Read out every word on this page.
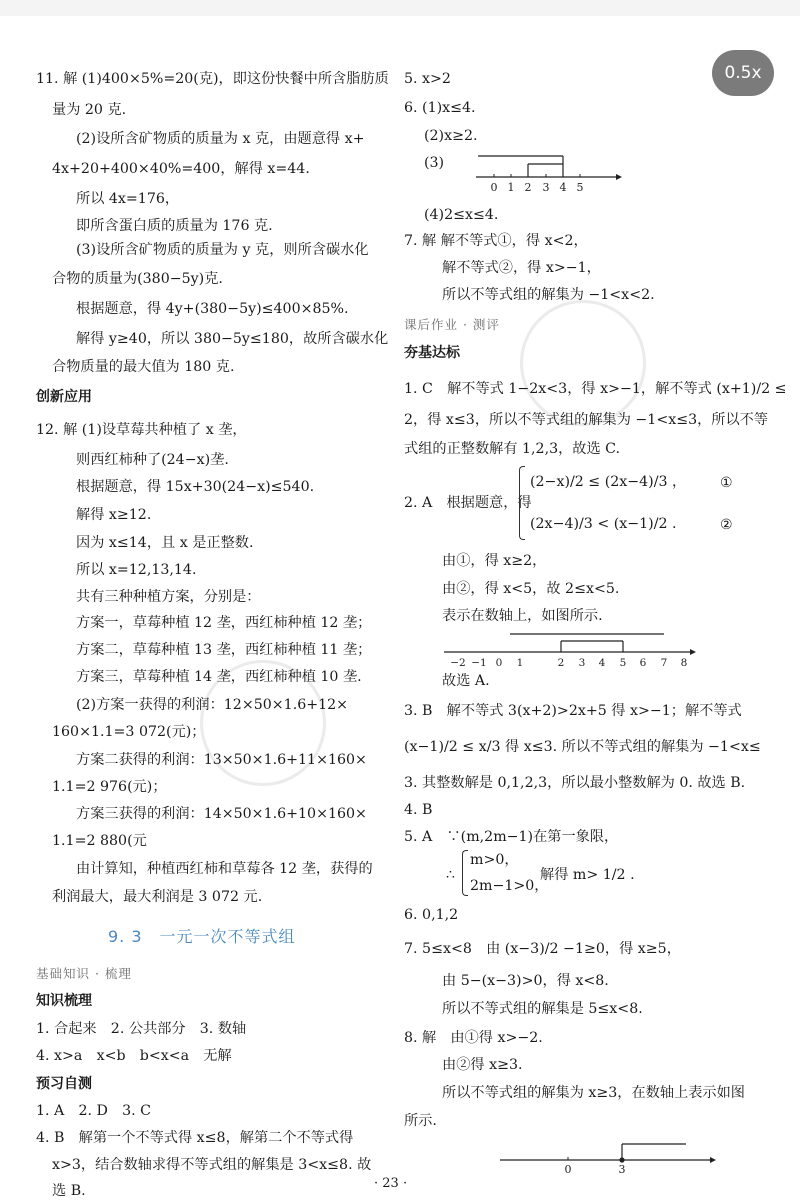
0.5x
11. 解 (1)400×5%=20(克)，即这份快餐中所含脂肪质
量为 20 克.
(2)设所含矿物质的质量为 x 克，由题意得 x+
4x+20+400×40%=400，解得 x=44.
所以 4x=176，
即所含蛋白质的质量为 176 克.
(3)设所含矿物质的质量为 y 克，则所含碳水化
合物的质量为(380−5y)克.
根据题意，得 4y+(380−5y)≤400×85%.
解得 y≥40，所以 380−5y≤180，故所含碳水化
合物质量的最大值为 180 克.
创新应用
12. 解 (1)设草莓共种植了 x 垄，
则西红柿种了(24−x)垄.
根据题意，得 15x+30(24−x)≤540.
解得 x≥12.
因为 x≤14，且 x 是正整数.
所以 x=12,13,14.
共有三种种植方案，分别是：
方案一，草莓种植 12 垄，西红柿种植 12 垄；
方案二，草莓种植 13 垄，西红柿种植 11 垄；
方案三，草莓种植 14 垄，西红柿种植 10 垄.
(2)方案一获得的利润：12×50×1.6+12×
160×1.1=3 072(元)；
方案二获得的利润：13×50×1.6+11×160×
1.1=2 976(元)；
方案三获得的利润：14×50×1.6+10×160×
1.1=2 880(元
由计算知，种植西红柿和草莓各 12 垄，获得的
利润最大，最大利润是 3 072 元.
9. 3　一元一次不等式组
基础知识 · 梳理
知识梳理
1. 合起来　2. 公共部分　3. 数轴
4. x>a　x<b　b<x<a　无解
预习自测
1. A　2. D　3. C
4. B　解第一个不等式得 x≤8，解第二个不等式得
x>3，结合数轴求得不等式组的解集是 3<x≤8. 故
选 B.
5. x>2
6. (1)x≤4.
(2)x≥2.
(3)
0 1 2 3 4 5
(4)2≤x≤4.
7. 解 解不等式①，得 x<2，
解不等式②，得 x>−1，
所以不等式组的解集为 −1<x<2.
课后作业 · 测评
夯基达标
1. C　解不等式 1−2x<3，得 x>−1，解不等式 (x+1)/2 ≤
2，得 x≤3，所以不等式组的解集为 −1<x≤3，所以不等
式组的正整数解有 1,2,3，故选 C.
2. A　根据题意，得
(2−x)/2 ≤ (2x−4)/3 ，
(2x−4)/3 < (x−1)/2 .
①
②
由①，得 x≥2，
由②，得 x<5，故 2≤x<5.
表示在数轴上，如图所示.
−2 −1 0 1	2 3 4 5 6 7 8
故选 A.
3. B　解不等式 3(x+2)>2x+5 得 x>−1；解不等式
(x−1)/2 ≤ x/3 得 x≤3. 所以不等式组的解集为 −1<x≤
3. 其整数解是 0,1,2,3，所以最小整数解为 0. 故选 B.
4. B
5. A　∵(m,2m−1)在第一象限，
∴
m>0，
2m−1>0，
解得 m> 1/2 .
6. 0,1,2
7. 5≤x<8　由 (x−3)/2 −1≥0，得 x≥5，
由 5−(x−3)>0，得 x<8.
所以不等式组的解集是 5≤x<8.
8. 解　由①得 x>−2.
由②得 x≥3.
所以不等式组的解集为 x≥3，在数轴上表示如图
所示.
0	3
· 23 ·
